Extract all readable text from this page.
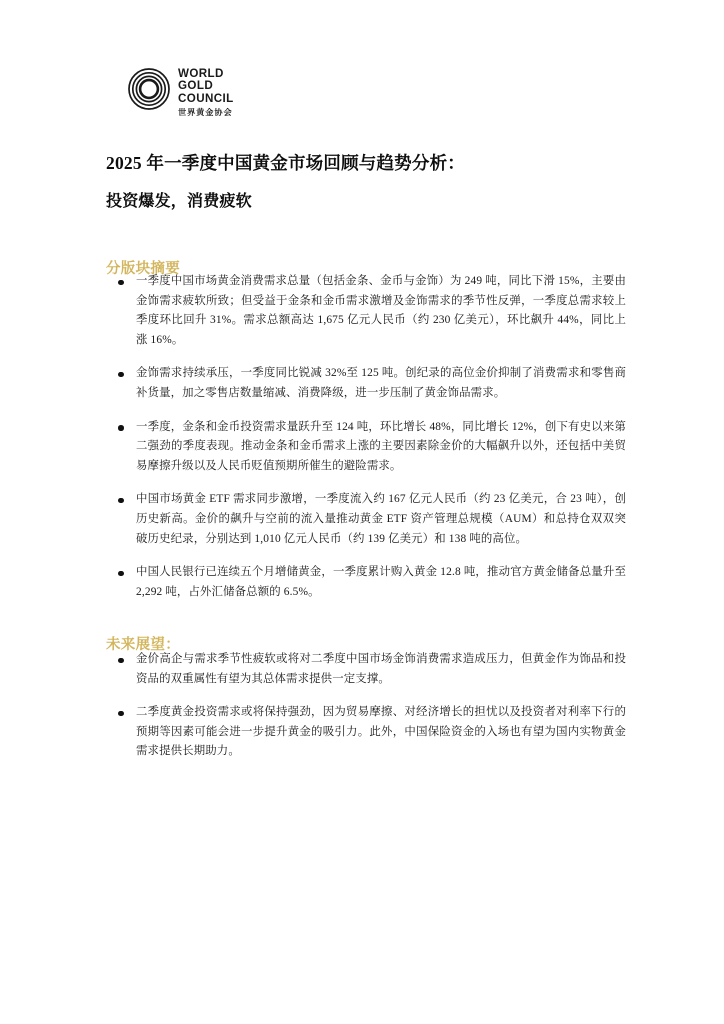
WORLD
GOLD
COUNCIL
世界黄金协会
2025 年一季度中国黄金市场回顾与趋势分析：
投资爆发，消费疲软
分版块摘要
一季度中国市场黄金消费需求总量（包括金条、金币与金饰）为 249 吨，同比下滑 15%，主要由金饰需求疲软所致；但受益于金条和金币需求激增及金饰需求的季节性反弹，一季度总需求较上季度环比回升 31%。需求总额高达 1,675 亿元人民币（约 230 亿美元），环比飙升 44%，同比上涨 16%。
金饰需求持续承压，一季度同比锐减 32%至 125 吨。创纪录的高位金价抑制了消费需求和零售商补货量，加之零售店数量缩减、消费降级，进一步压制了黄金饰品需求。
一季度，金条和金币投资需求量跃升至 124 吨，环比增长 48%，同比增长 12%，创下有史以来第二强劲的季度表现。推动金条和金币需求上涨的主要因素除金价的大幅飙升以外，还包括中美贸易摩擦升级以及人民币贬值预期所催生的避险需求。
中国市场黄金 ETF 需求同步激增，一季度流入约 167 亿元人民币（约 23 亿美元，合 23 吨），创历史新高。金价的飙升与空前的流入量推动黄金 ETF 资产管理总规模（AUM）和总持仓双双突破历史纪录，分别达到 1,010 亿元人民币（约 139 亿美元）和 138 吨的高位。
中国人民银行已连续五个月增储黄金，一季度累计购入黄金 12.8 吨，推动官方黄金储备总量升至 2,292 吨，占外汇储备总额的 6.5%。
未来展望：
金价高企与需求季节性疲软或将对二季度中国市场金饰消费需求造成压力，但黄金作为饰品和投资品的双重属性有望为其总体需求提供一定支撑。
二季度黄金投资需求或将保持强劲，因为贸易摩擦、对经济增长的担忧以及投资者对利率下行的预期等因素可能会进一步提升黄金的吸引力。此外，中国保险资金的入场也有望为国内实物黄金需求提供长期助力。
